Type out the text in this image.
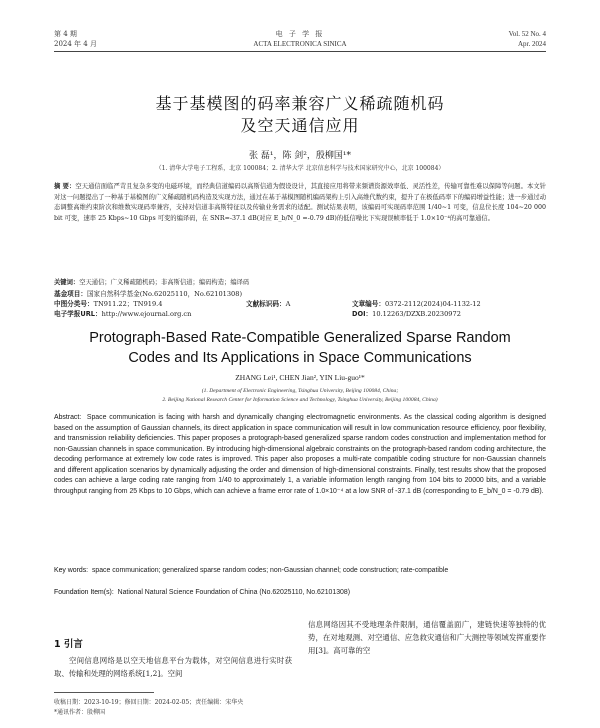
第 4 期
2024 年 4 月
电 子 学 报
ACTA ELECTRONICA SINICA
Vol. 52 No. 4
Apr. 2024
基于基模图的码率兼容广义稀疏随机码
及空天通信应用
张 磊¹，陈 剑²，殷柳国¹*
（1. 清华大学电子工程系，北京 100084；2. 清华大学 北京信息科学与技术国家研究中心，北京 100084）
摘 要：空天通信面临严苛且复杂多变的电磁环境，而经典信道编码以高斯信道为假设设计，其直接应用将带来频谱资源效率低、灵活性差，传输可靠性难以保障等问题。本文针对这一问题提出了一种基于基模图的广义稀疏随机码构造及实现方法，通过在基于基模图随机编码架构上引入高维代数约束，提升了在极低码率下的编码增益性能；进一步通过动态调整高维约束阶次和维数实现码率兼容，支持对信道非高斯特征以及传输业务需求的适配。测试结果表明，该编码可实现码率范围 1/40~1 可变，信息位长度 104~20 000 bit 可变，速率 25 Kbps~10 Gbps 可变的编译码，在 SNR=-37.1 dB(对应 E_b/N_0 =-0.79 dB)的低信噪比下实现误帧率低于 1.0×10⁻⁴的高可靠通信。
关键词：空天通信；广义稀疏随机码；非高斯信道；编码构造；编译码
基金项目：国家自然科学基金(No.62025110，No.62101308)
中图分类号：TN911.22；TN919.4	文献标识码：A	文章编号：0372-2112(2024)04-1132-12
电子学报URL：http://www.ejournal.org.cn	DOI：10.12263/DZXB.20230972
Protograph-Based Rate-Compatible Generalized Sparse Random
Codes and Its Applications in Space Communications
ZHANG Lei¹, CHEN Jian², YIN Liu-guo¹*
(1. Department of Electronic Engineering, Tsinghua University, Beijing 100084, China;
2. Beijing National Research Center for Information Science and Technology, Tsinghua University, Beijing 100084, China)
Abstract: Space communication is facing with harsh and dynamically changing electromagnetic environments. As the classical coding algorithm is designed based on the assumption of Gaussian channels, its direct application in space communication will result in low communication resource efficiency, poor flexibility, and transmission reliability deficiencies. This paper proposes a protograph-based generalized sparse random codes construction and implementation method for non-Gaussian channels in space communication. By introducing high-dimensional algebraic constraints on the protograph-based random coding architecture, the decoding performance at extremely low code rates is improved. This paper also proposes a multi-rate compatible coding structure for non-Gaussian channels and different application scenarios by dynamically adjusting the order and dimension of high-dimensional constraints. Finally, test results show that the proposed codes can achieve a large coding rate ranging from 1/40 to approximately 1, a variable information length ranging from 104 bits to 20000 bits, and a variable throughput ranging from 25 Kbps to 10 Gbps, which can achieve a frame error rate of 1.0×10⁻⁴ at a low SNR of -37.1 dB (corresponding to E_b/N_0 = -0.79 dB).
Key words: space communication; generalized sparse random codes; non-Gaussian channel; code construction; rate-compatible
Foundation Item(s): National Natural Science Foundation of China (No.62025110, No.62101308)
1 引言
空间信息网络是以空天地信息平台为载体，对空间信息进行实时获取、传输和处理的网络系统[1,2]。空间
信息网络因其不受地理条件限制，通信覆盖面广，建链快速等独特的优势，在对地观测、对空通信、应急救灾通信和广大测控等领域发挥重要作用[3]。高可靠的空
收稿日期：2023-10-19；修回日期：2024-02-05；责任编辑：宋华央
*通讯作者：殷柳国
